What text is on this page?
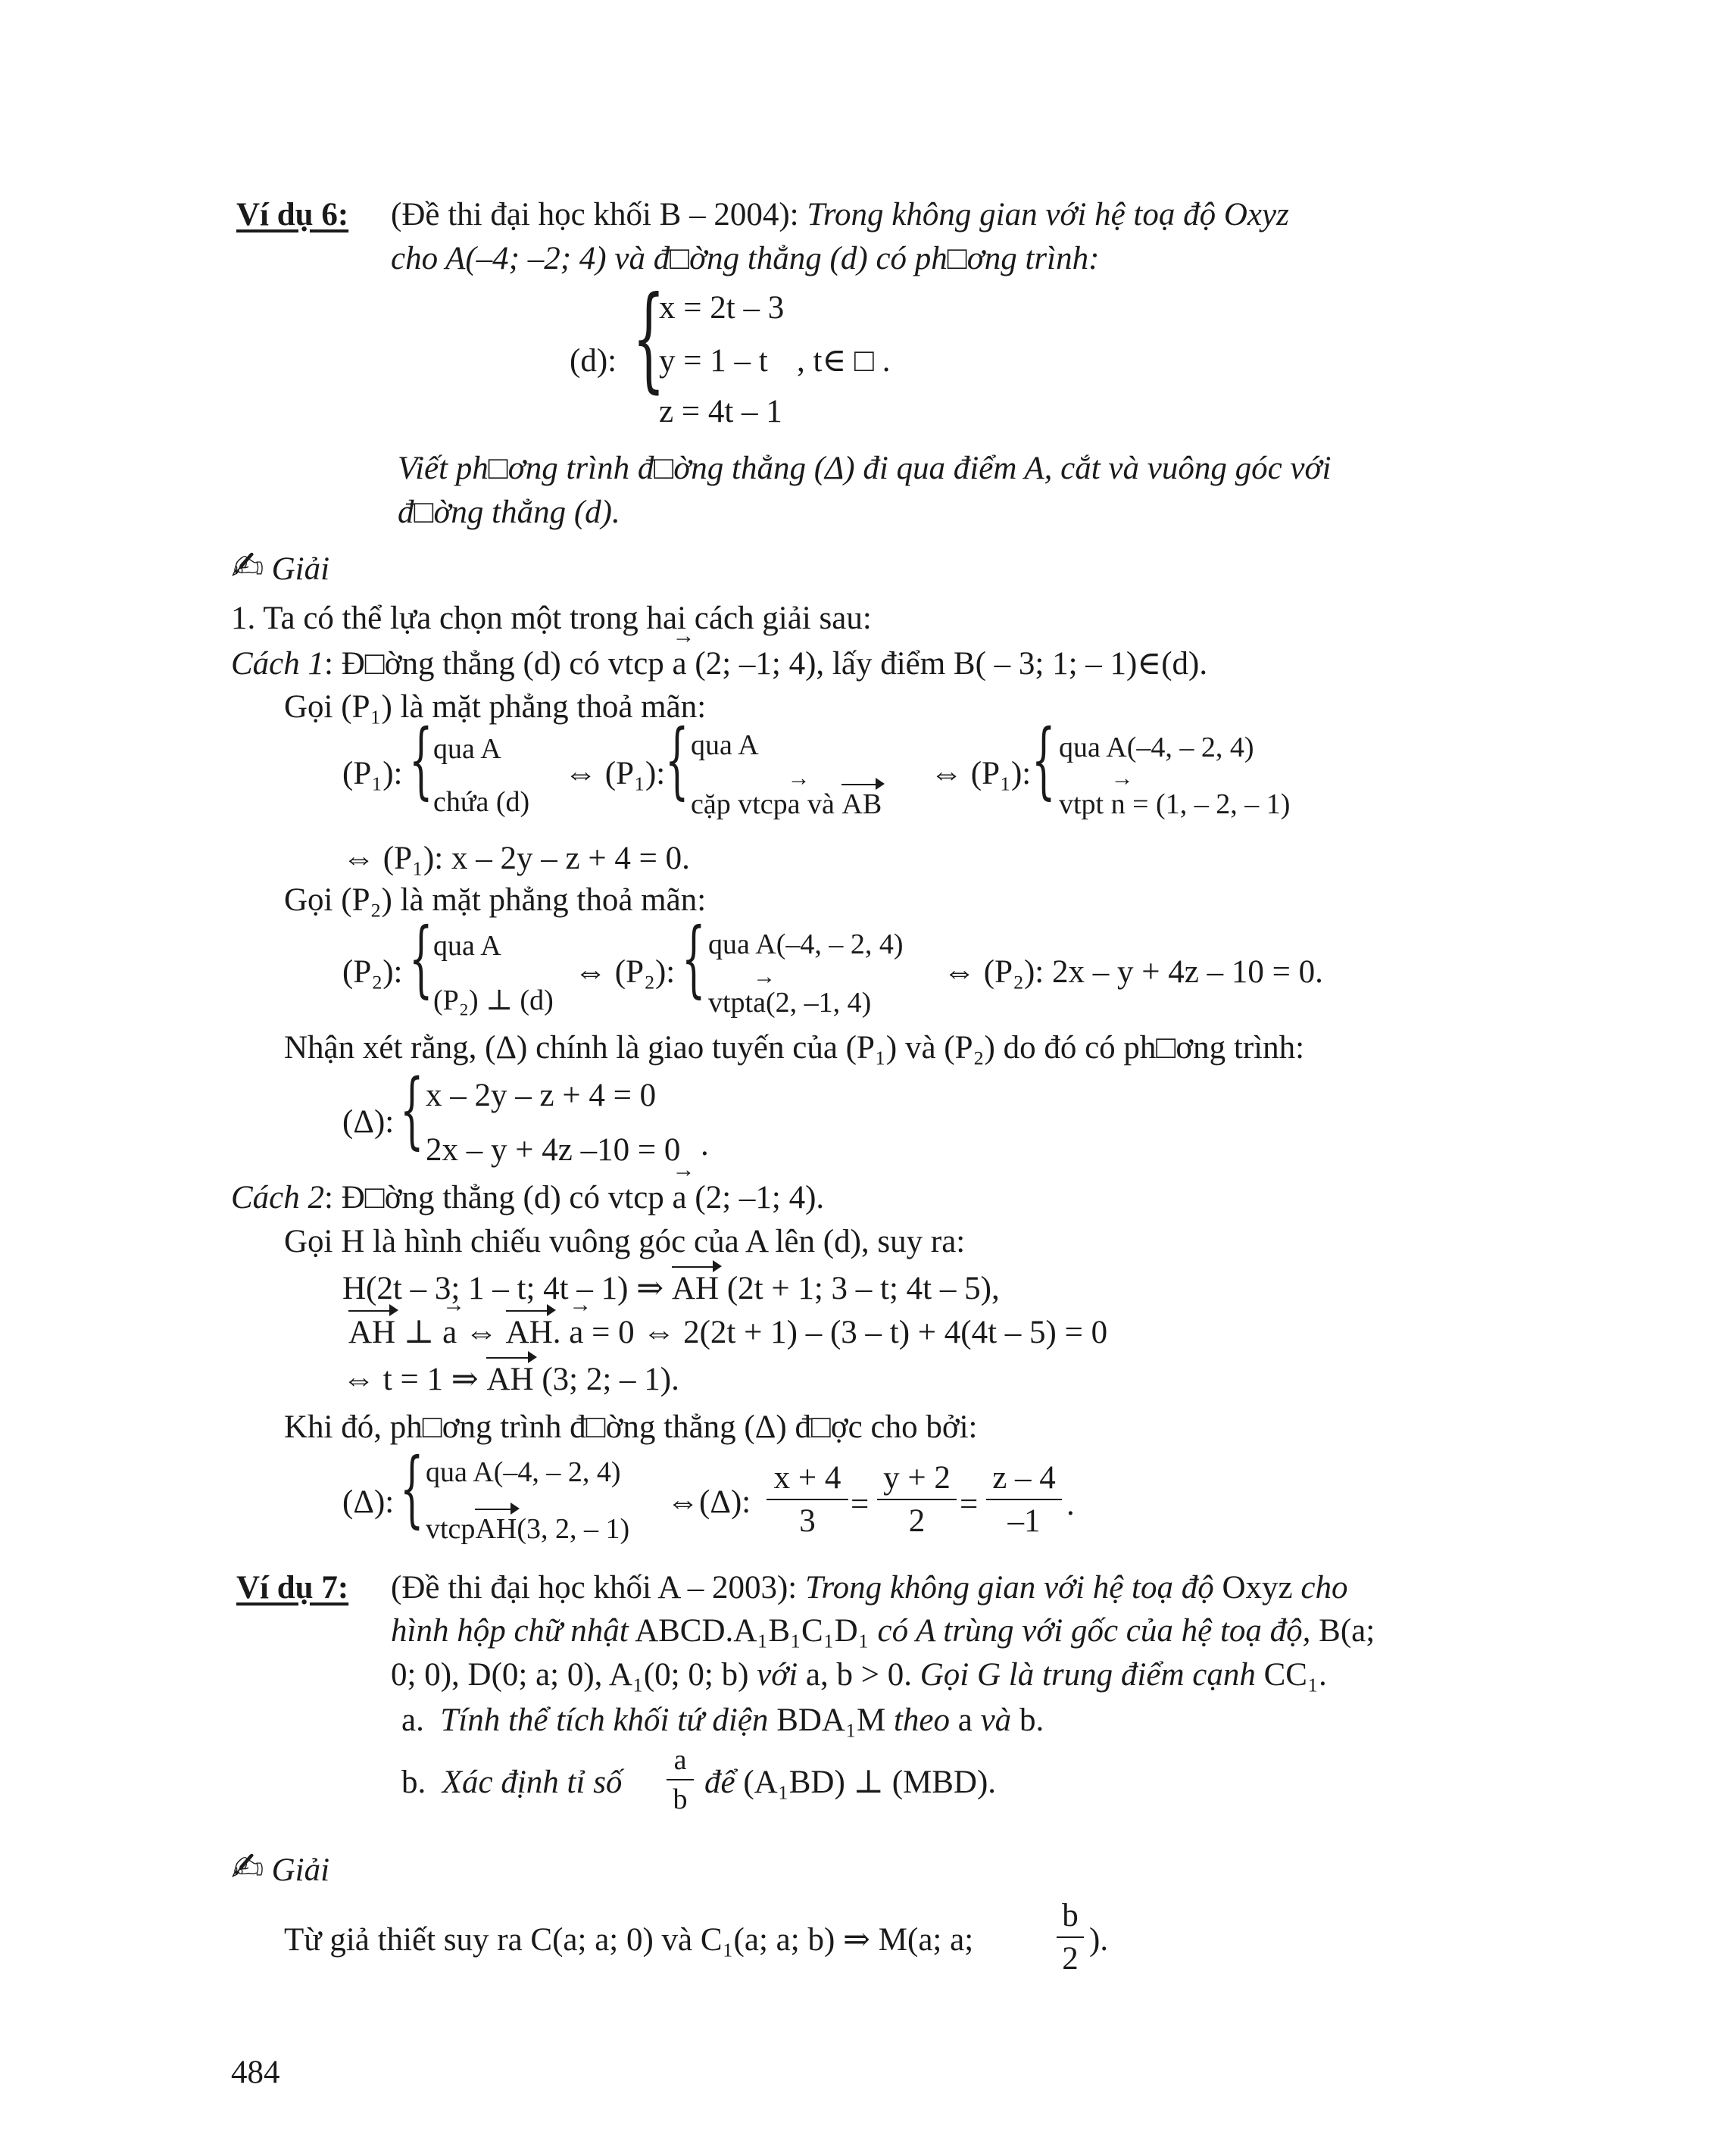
Ví dụ 6: (Đề thi đại học khối B – 2004): Trong không gian với hệ toạ độ Oxyz
cho A(–4; –2; 4) và đ□ờng thẳng (d) có ph□ơng trình:
(d): {
x = 2t – 3
y = 1 – t
z = 4t – 1
, t∈ □ .
Viết ph□ơng trình đ□ờng thẳng (Δ) đi qua điểm A, cắt và vuông góc với
đ□ờng thẳng (d).
✍ Giải
1. Ta có thể lựa chọn một trong hai cách giải sau:
Cách 1: Đ□ờng thẳng (d) có vtcp a → (2; –1; 4), lấy điểm B( – 3; 1; – 1)∈(d).
Gọi (P₁) là mặt phẳng thoả mãn:
(P₁): { qua A
chứa (d)
⇔ (P₁): { qua A
cặp vtcpa → và AB
⇔ (P₁): { qua A(–4, – 2, 4)
vtpt n → = (1, – 2, – 1)
⇔ (P₁): x – 2y – z + 4 = 0.
Gọi (P₂) là mặt phẳng thoả mãn:
(P₂): { qua A
(P₂) ⊥ (d)
⇔ (P₂): { qua A(–4, – 2, 4)
vtpta →(2, –1, 4)
⇔ (P₂): 2x – y + 4z – 10 = 0.
Nhận xét rằng, (Δ) chính là giao tuyến của (P₁) và (P₂) do đó có ph□ơng trình:
(Δ): { x – 2y – z + 4 = 0
2x – y + 4z –10 = 0 .
Cách 2: Đ□ờng thẳng (d) có vtcp a → (2; –1; 4).
Gọi H là hình chiếu vuông góc của A lên (d), suy ra:
H(2t – 3; 1 – t; 4t – 1) ⇒ AH (2t + 1; 3 – t; 4t – 5),
AH ⊥ a → ⇔ AH. a → = 0 ⇔ 2(2t + 1) – (3 – t) + 4(4t – 5) = 0
⇔ t = 1 ⇒ AH (3; 2; – 1).
Khi đó, ph□ơng trình đ□ờng thẳng (Δ) đ□ợc cho bởi:
(Δ): { qua A(–4, – 2, 4)
vtcpAH(3, 2, – 1)
⇔(Δ):
x + 4
3	=
y + 2
2	=
z – 4
–1 .
Ví dụ 7: (Đề thi đại học khối A – 2003): Trong không gian với hệ toạ độ Oxyz cho
hình hộp chữ nhật ABCD.A₁B₁C₁D₁ có A trùng với gốc của hệ toạ độ, B(a;
0; 0), D(0; a; 0), A₁(0; 0; b) với a, b > 0. Gọi G là trung điểm cạnh CC₁.
a. Tính thể tích khối tứ diện BDA₁M theo a và b.
b. Xác định tỉ số
a
b để (A₁BD) ⊥ (MBD).
✍ Giải
Từ giả thiết suy ra C(a; a; 0) và C₁(a; a; b) ⇒ M(a; a;
b
2
).
484
